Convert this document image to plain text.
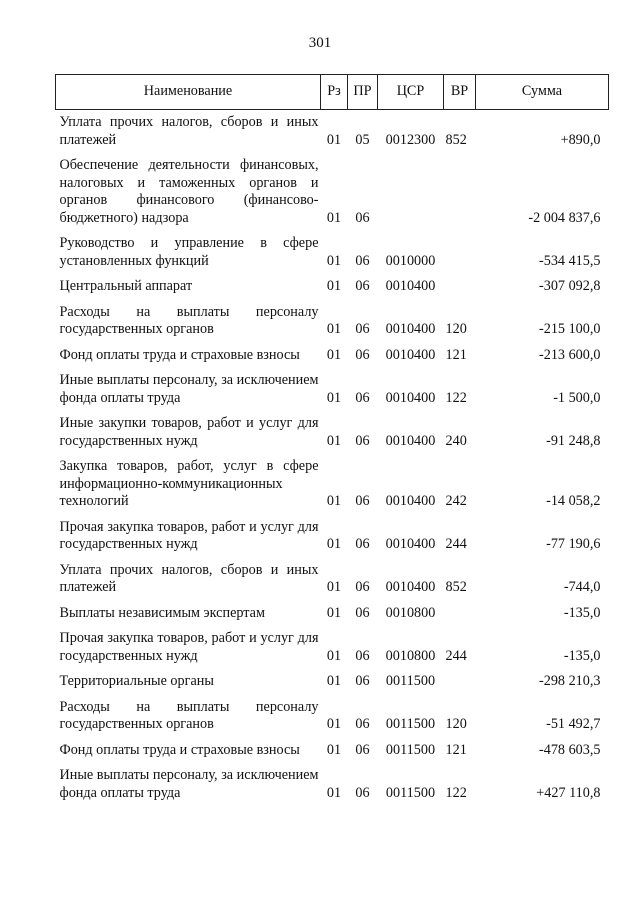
301
Наименование	Рз	ПР	ЦСР	ВР	Сумма
Уплата прочих налогов, сборов и иных платежей	01	05	0012300	852	+890,0
Обеспечение деятельности финансовых, налоговых и таможенных органов и органов финансового (финансово-бюджетного) надзора	01	06			-2 004 837,6
Руководство и управление в сфере установленных функций	01	06	0010000		-534 415,5
Центральный аппарат	01	06	0010400		-307 092,8
Расходы на выплаты персоналу государственных органов	01	06	0010400	120	-215 100,0
Фонд оплаты труда и страховые взносы	01	06	0010400	121	-213 600,0
Иные выплаты персоналу, за исключением фонда оплаты труда	01	06	0010400	122	-1 500,0
Иные закупки товаров, работ и услуг для государственных нужд	01	06	0010400	240	-91 248,8
Закупка товаров, работ, услуг в сфере информационно-коммуникационных технологий	01	06	0010400	242	-14 058,2
Прочая закупка товаров, работ и услуг для государственных нужд	01	06	0010400	244	-77 190,6
Уплата прочих налогов, сборов и иных платежей	01	06	0010400	852	-744,0
Выплаты независимым экспертам	01	06	0010800		-135,0
Прочая закупка товаров, работ и услуг для государственных нужд	01	06	0010800	244	-135,0
Территориальные органы	01	06	0011500		-298 210,3
Расходы на выплаты персоналу государственных органов	01	06	0011500	120	-51 492,7
Фонд оплаты труда и страховые взносы	01	06	0011500	121	-478 603,5
Иные выплаты персоналу, за исключением фонда оплаты труда	01	06	0011500	122	+427 110,8
